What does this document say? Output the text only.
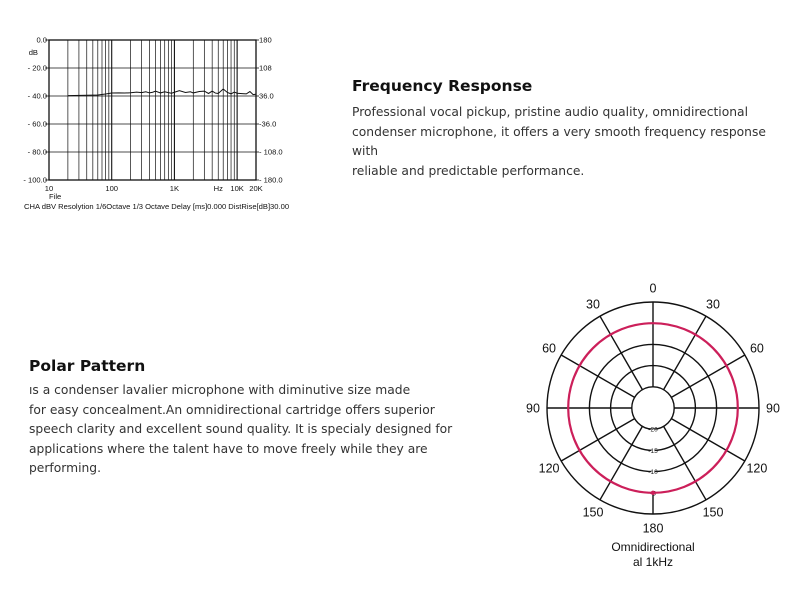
0.0
- 20.0
- 40.0
- 60.0
- 80.0
- 100.0
180
108
36.0
-36.0
- 108.0
- 180.0
10	100	1K	Hz 10K 20K
dB
File
CHA dBV Resolytion 1/6Octave 1/3 Octave Delay [ms]0.000 DistRise[dB]30.00
Frequency Response
Professional vocal pickup, pristine audio quality, omnidirectional
condenser microphone, it offers a very smooth frequency response with
reliable and predictable performance.
Polar Pattern
ıs a condenser lavalier microphone with diminutive size made
for easy concealment.An omnidirectional cartridge offers superior
speech clarity and excellent sound quality. It is specialy designed for
applications where the talent have to move freely while they are
performing.
0
30
60
90
120
150
180
150
120
90
60
30
-20
-15
-10
Omnidirectional
al 1kHz
